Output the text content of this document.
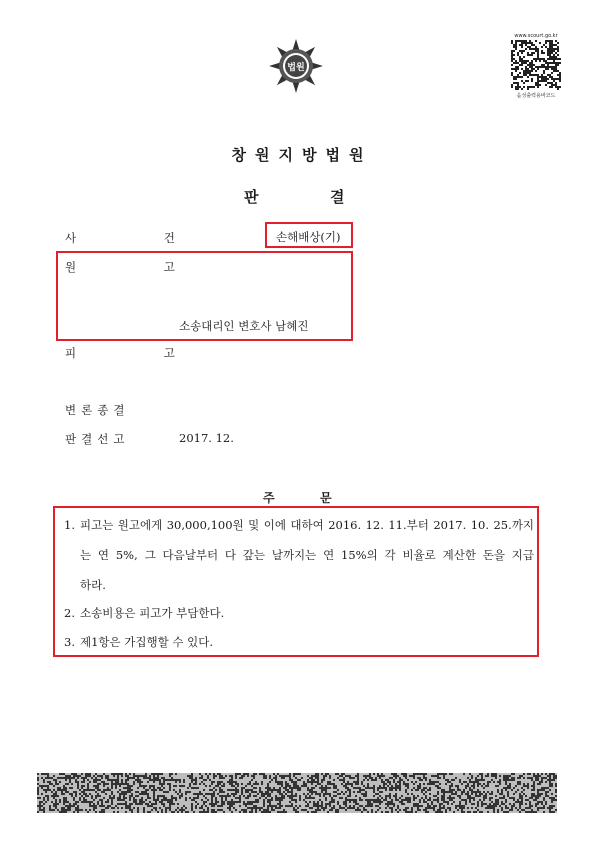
법원
www.scourt.go.kr
음성출력용바코드
창원지방법원
판	결
사 건	손해배상(기)
원 고
소송대리인 변호사 남혜진
피 고
변론종결
판결선고	2017. 12.
주	문
1. 피고는 원고에게 30,000,100원 및 이에 대하여 2016. 12. 11.부터 2017. 10. 25.까지
는 연 5%, 그 다음날부터 다 갚는 날까지는 연 15%의 각 비율로 계산한 돈을 지급
하라.
2. 소송비용은 피고가 부담한다.
3. 제1항은 가집행할 수 있다.
